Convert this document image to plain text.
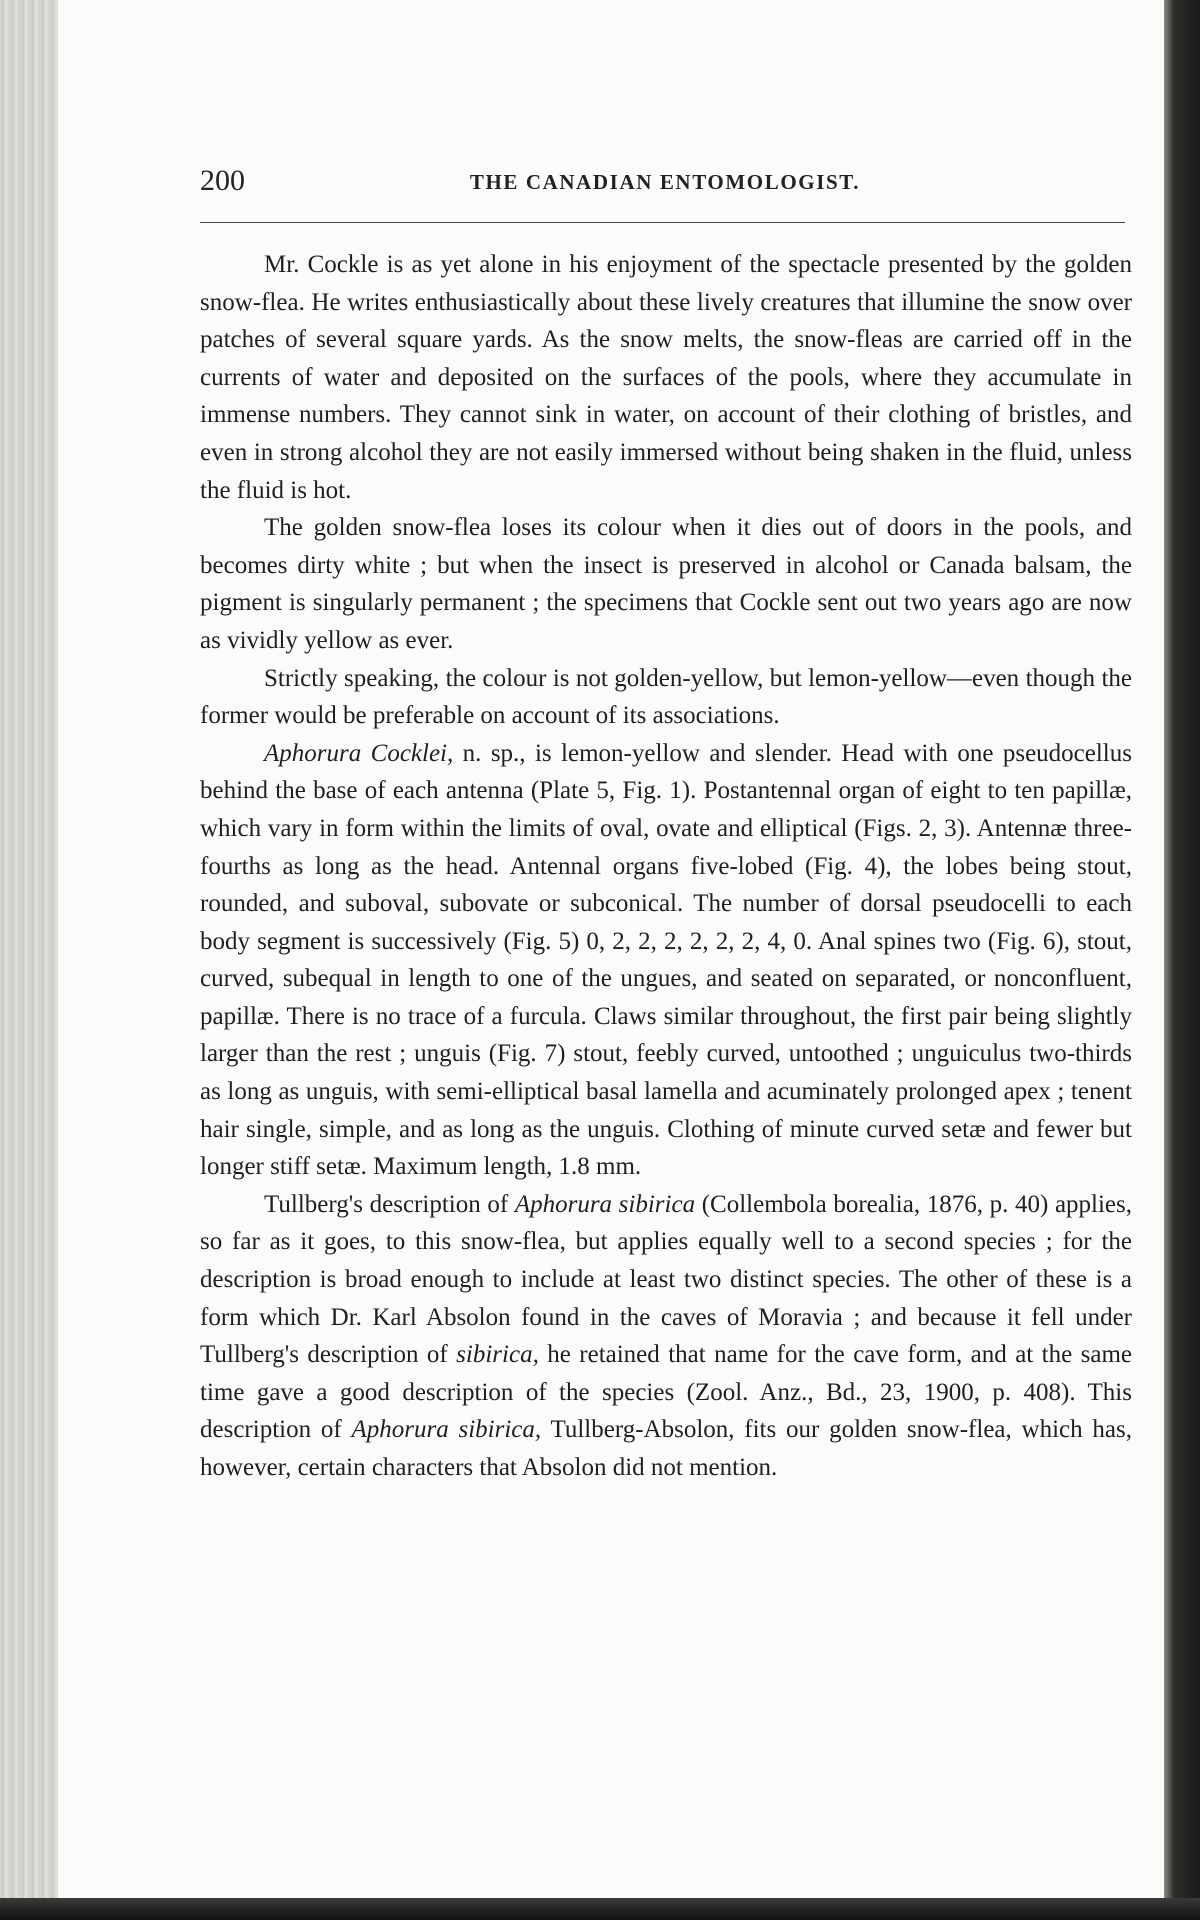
200	THE CANADIAN ENTOMOLOGIST.

Mr. Cockle is as yet alone in his enjoyment of the spectacle presented by the golden snow-flea. He writes enthusiastically about these lively creatures that illumine the snow over patches of several square yards. As the snow melts, the snow-fleas are carried off in the currents of water and deposited on the surfaces of the pools, where they accumulate in immense numbers. They cannot sink in water, on account of their clothing of bristles, and even in strong alcohol they are not easily immersed without being shaken in the fluid, unless the fluid is hot.

The golden snow-flea loses its colour when it dies out of doors in the pools, and becomes dirty white ; but when the insect is preserved in alcohol or Canada balsam, the pigment is singularly permanent ; the specimens that Cockle sent out two years ago are now as vividly yellow as ever.

Strictly speaking, the colour is not golden-yellow, but lemon-yellow—even though the former would be preferable on account of its associations.

Aphorura Cocklei, n. sp., is lemon-yellow and slender. Head with one pseudocellus behind the base of each antenna (Plate 5, Fig. 1). Postantennal organ of eight to ten papillæ, which vary in form within the limits of oval, ovate and elliptical (Figs. 2, 3). Antennæ three-fourths as long as the head. Antennal organs five-lobed (Fig. 4), the lobes being stout, rounded, and suboval, subovate or subconical. The number of dorsal pseudocelli to each body segment is successively (Fig. 5) 0, 2, 2, 2, 2, 2, 2, 4, 0. Anal spines two (Fig. 6), stout, curved, subequal in length to one of the ungues, and seated on separated, or nonconfluent, papillæ. There is no trace of a furcula. Claws similar throughout, the first pair being slightly larger than the rest ; unguis (Fig. 7) stout, feebly curved, untoothed ; unguiculus two-thirds as long as unguis, with semi-elliptical basal lamella and acuminately prolonged apex ; tenent hair single, simple, and as long as the unguis. Clothing of minute curved setæ and fewer but longer stiff setæ. Maximum length, 1.8 mm.

Tullberg's description of Aphorura sibirica (Collembola borealia, 1876, p. 40) applies, so far as it goes, to this snow-flea, but applies equally well to a second species ; for the description is broad enough to include at least two distinct species. The other of these is a form which Dr. Karl Absolon found in the caves of Moravia ; and because it fell under Tullberg's description of sibirica, he retained that name for the cave form, and at the same time gave a good description of the species (Zool. Anz., Bd., 23, 1900, p. 408). This description of Aphorura sibirica, Tullberg-Absolon, fits our golden snow-flea, which has, however, certain characters that Absolon did not mention.
